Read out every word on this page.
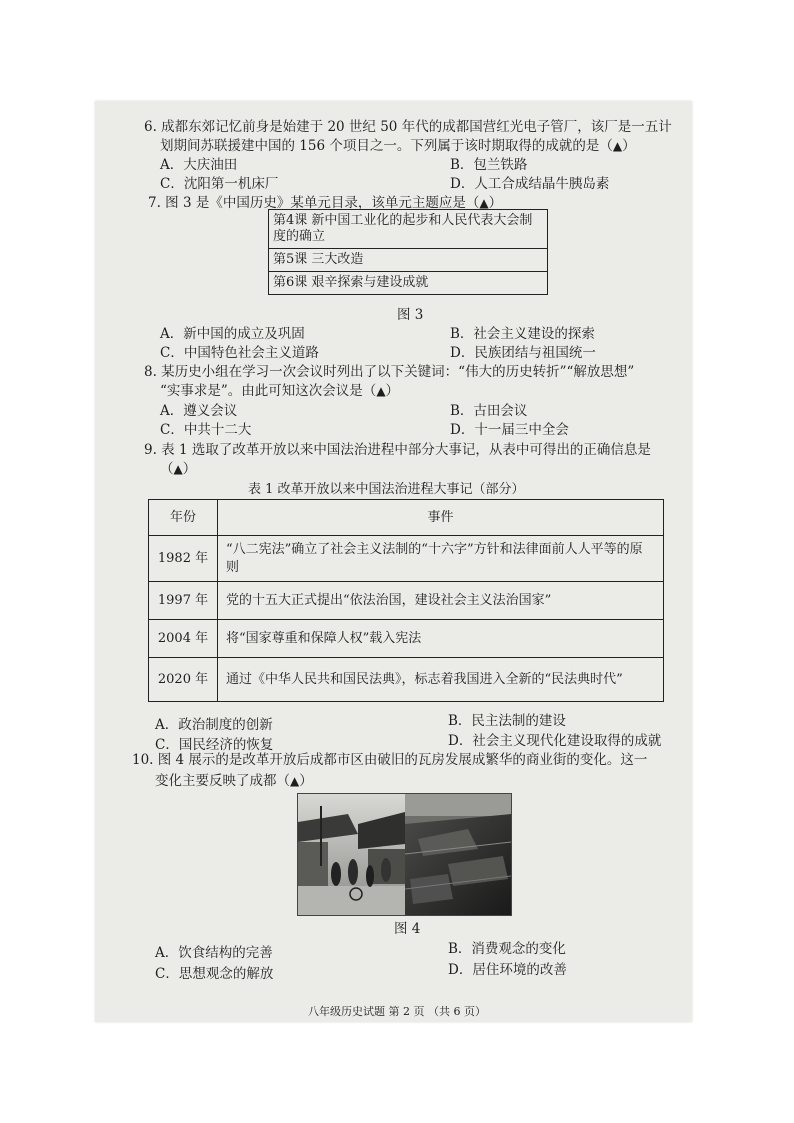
6. 成都东郊记忆前身是始建于 20 世纪 50 年代的成都国营红光电子管厂，该厂是一五计
划期间苏联援建中国的 156 个项目之一。下列属于该时期取得的成就的是（▲）
A．大庆油田	B．包兰铁路
C．沈阳第一机床厂	D．人工合成结晶牛胰岛素
7. 图 3 是《中国历史》某单元目录，该单元主题应是（▲）
第4课 新中国工业化的起步和人民代表大会制度的确立
第5课 三大改造
第6课 艰辛探索与建设成就
图 3
A．新中国的成立及巩固	B．社会主义建设的探索
C．中国特色社会主义道路	D．民族团结与祖国统一
8. 某历史小组在学习一次会议时列出了以下关键词：“伟大的历史转折”“解放思想”
“实事求是”。由此可知这次会议是（▲）
A．遵义会议	B．古田会议
C．中共十二大	D．十一届三中全会
9. 表 1 选取了改革开放以来中国法治进程中部分大事记，从表中可得出的正确信息是
（▲）
表 1 改革开放以来中国法治进程大事记（部分）
年份	事件
1982 年	“八二宪法”确立了社会主义法制的“十六字”方针和法律面前人人平等的原则
1997 年	党的十五大正式提出“依法治国，建设社会主义法治国家”
2004 年	将“国家尊重和保障人权”载入宪法
2020 年	通过《中华人民共和国民法典》，标志着我国进入全新的“民法典时代”
A．政治制度的创新	B．民主法制的建设
C．国民经济的恢复	D．社会主义现代化建设取得的成就
10. 图 4 展示的是改革开放后成都市区由破旧的瓦房发展成繁华的商业街的变化。这一
变化主要反映了成都（▲）
图 4
A．饮食结构的完善	B．消费观念的变化
C．思想观念的解放	D．居住环境的改善
八年级历史试题 第 2 页 （共 6 页）
